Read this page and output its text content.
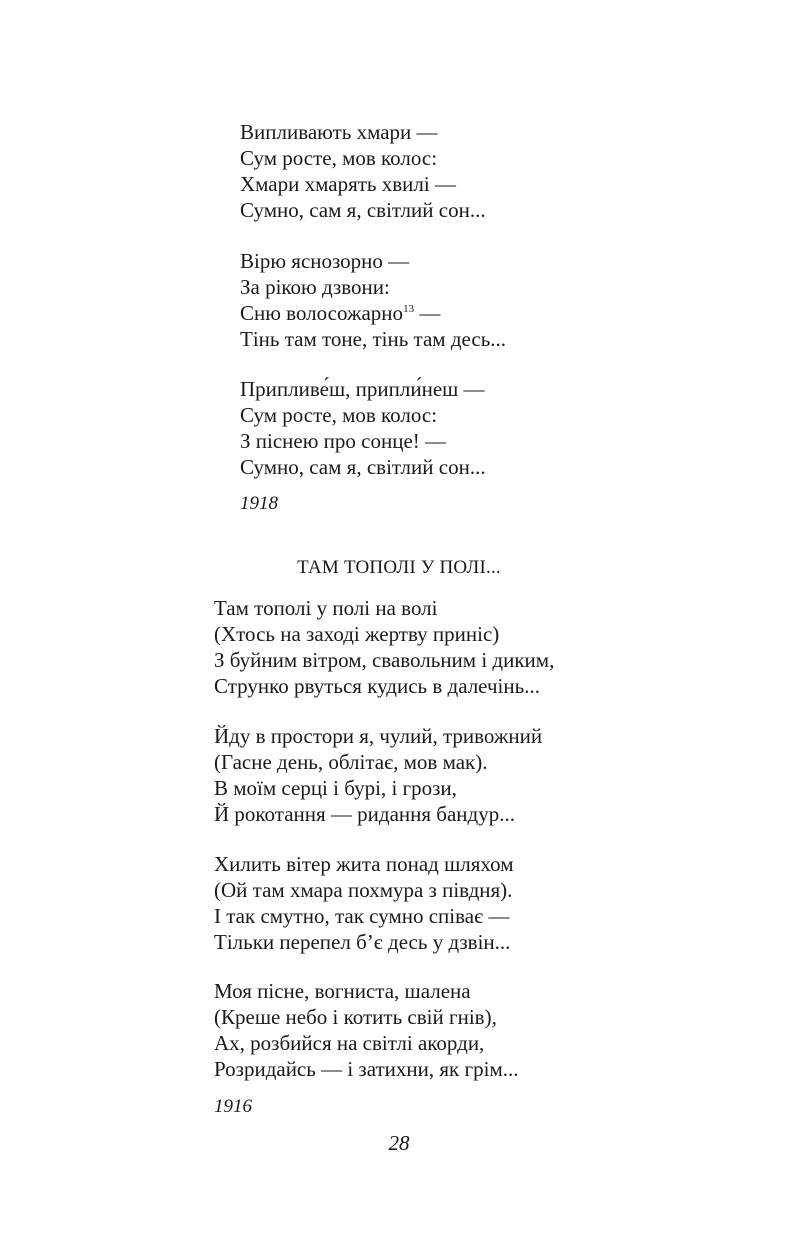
Випливають хмари —
Сум росте, мов колос:
Хмари хмарять хвилі —
Сумно, сам я, світлий сон...
Вірю яснозорно —
За рікою дзвони:
Сню волосожарно$^{13}$ —
Тінь там тоне, тінь там десь...
Припливе́ш, припли́неш —
Сум росте, мов колос:
З піснею про сонце! —
Сумно, сам я, світлий сон...
1918
ТАМ ТОПОЛІ У ПОЛІ...
Там тополі у полі на волі
(Хтось на заході жертву приніс)
З буйним вітром, свавольним і диким,
Струнко рвуться кудись в далечінь...
Йду в простори я, чулий, тривожний
(Гасне день, облітає, мов мак).
В моїм серці і бурі, і грози,
Й рокотання — ридання бандур...
Хилить вітер жита понад шляхом
(Ой там хмара похмура з півдня).
І так смутно, так сумно співає —
Тільки перепел б’є десь у дзвін...
Моя пісне, вогниста, шалена
(Креше небо і котить свій гнів),
Ах, розбийся на світлі акорди,
Розридайсь — і затихни, як грім...
1916
28
